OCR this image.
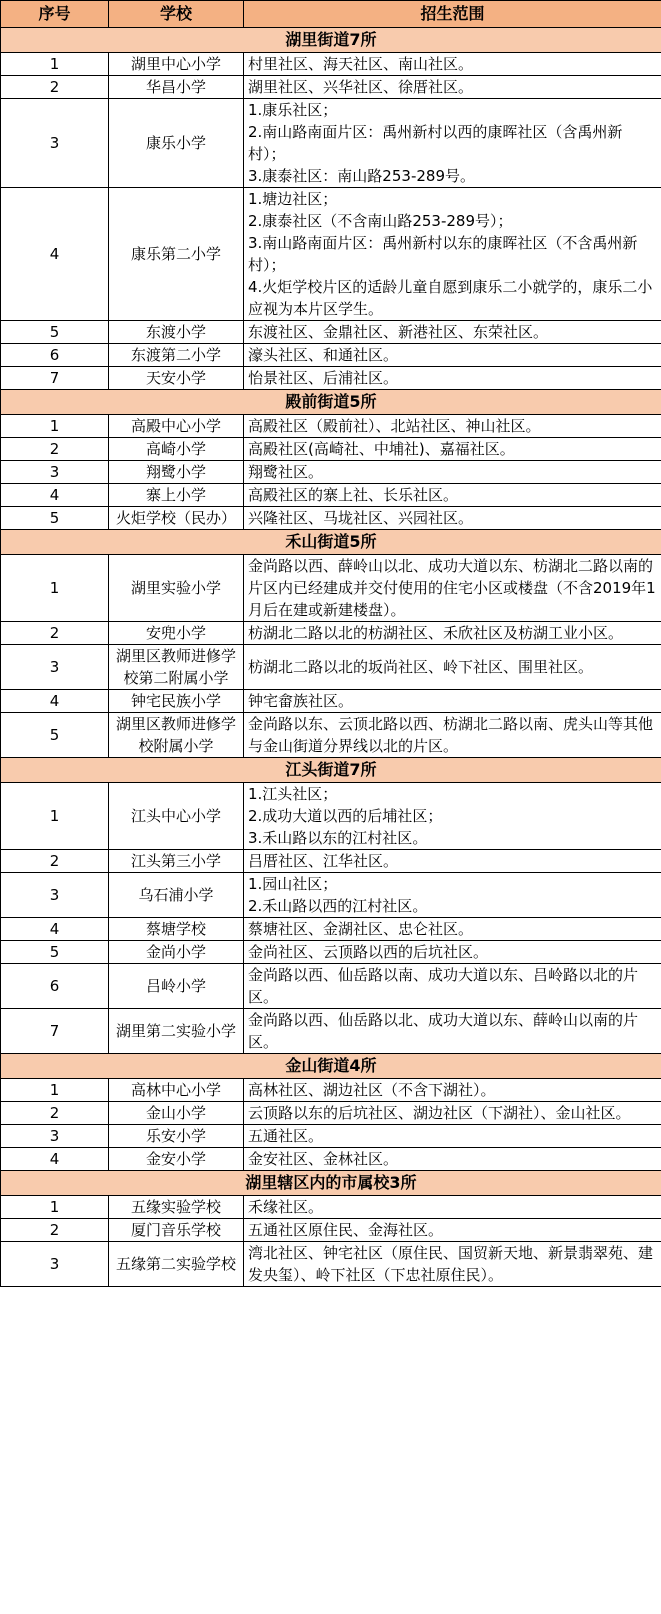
序号	学校	招生范围
湖里街道7所		
1	湖里中心小学	村里社区、海天社区、南山社区。

2	华昌小学	湖里社区、兴华社区、徐厝社区。

3	康乐小学	1.康乐社区；
2.南山路南面片区：禹州新村以西的康晖社区（含禹州新村）；
3.康泰社区：南山路253-289号。

4	康乐第二小学	1.塘边社区；
2.康泰社区（不含南山路253-289号）；
3.南山路南面片区：禹州新村以东的康晖社区（不含禹州新村）；
4.火炬学校片区的适龄儿童自愿到康乐二小就学的，康乐二小应视为本片区学生。

5	东渡小学	东渡社区、金鼎社区、新港社区、东荣社区。

6	东渡第二小学	濠头社区、和通社区。

7	天安小学	怡景社区、后浦社区。

殿前街道5所		
1	高殿中心小学	高殿社区（殿前社）、北站社区、神山社区。

2	高崎小学	高殿社区(高崎社、中埔社)、嘉福社区。

3	翔鹭小学	翔鹭社区。

4	寨上小学	高殿社区的寨上社、长乐社区。

5	火炬学校（民办）	兴隆社区、马垅社区、兴园社区。

禾山街道5所		
1	湖里实验小学	金尚路以西、薛岭山以北、成功大道以东、枋湖北二路以南的片区内已经建成并交付使用的住宅小区或楼盘（不含2019年1月后在建或新建楼盘）。

2	安兜小学	枋湖北二路以北的枋湖社区、禾欣社区及枋湖工业小区。

3	湖里区教师进修学校第二附属小学	枋湖北二路以北的坂尚社区、岭下社区、围里社区。

4	钟宅民族小学	钟宅畲族社区。

5	湖里区教师进修学校附属小学	金尚路以东、云顶北路以西、枋湖北二路以南、虎头山等其他与金山街道分界线以北的片区。

江头街道7所		
1	江头中心小学	1.江头社区；
2.成功大道以西的后埔社区；
3.禾山路以东的江村社区。

2	江头第三小学	吕厝社区、江华社区。

3	乌石浦小学	1.园山社区；
2.禾山路以西的江村社区。

4	蔡塘学校	蔡塘社区、金湖社区、忠仑社区。

5	金尚小学	金尚社区、云顶路以西的后坑社区。

6	吕岭小学	金尚路以西、仙岳路以南、成功大道以东、吕岭路以北的片区。

7	湖里第二实验小学	金尚路以西、仙岳路以北、成功大道以东、薛岭山以南的片区。

金山街道4所		
1	高林中心小学	高林社区、湖边社区（不含下湖社）。

2	金山小学	云顶路以东的后坑社区、湖边社区（下湖社）、金山社区。

3	乐安小学	五通社区。

4	金安小学	金安社区、金林社区。

湖里辖区内的市属校3所		
1	五缘实验学校	禾缘社区。

2	厦门音乐学校	五通社区原住民、金海社区。

3	五缘第二实验学校	湾北社区、钟宅社区（原住民、国贸新天地、新景翡翠苑、建发央玺）、岭下社区（下忠社原住民）。
